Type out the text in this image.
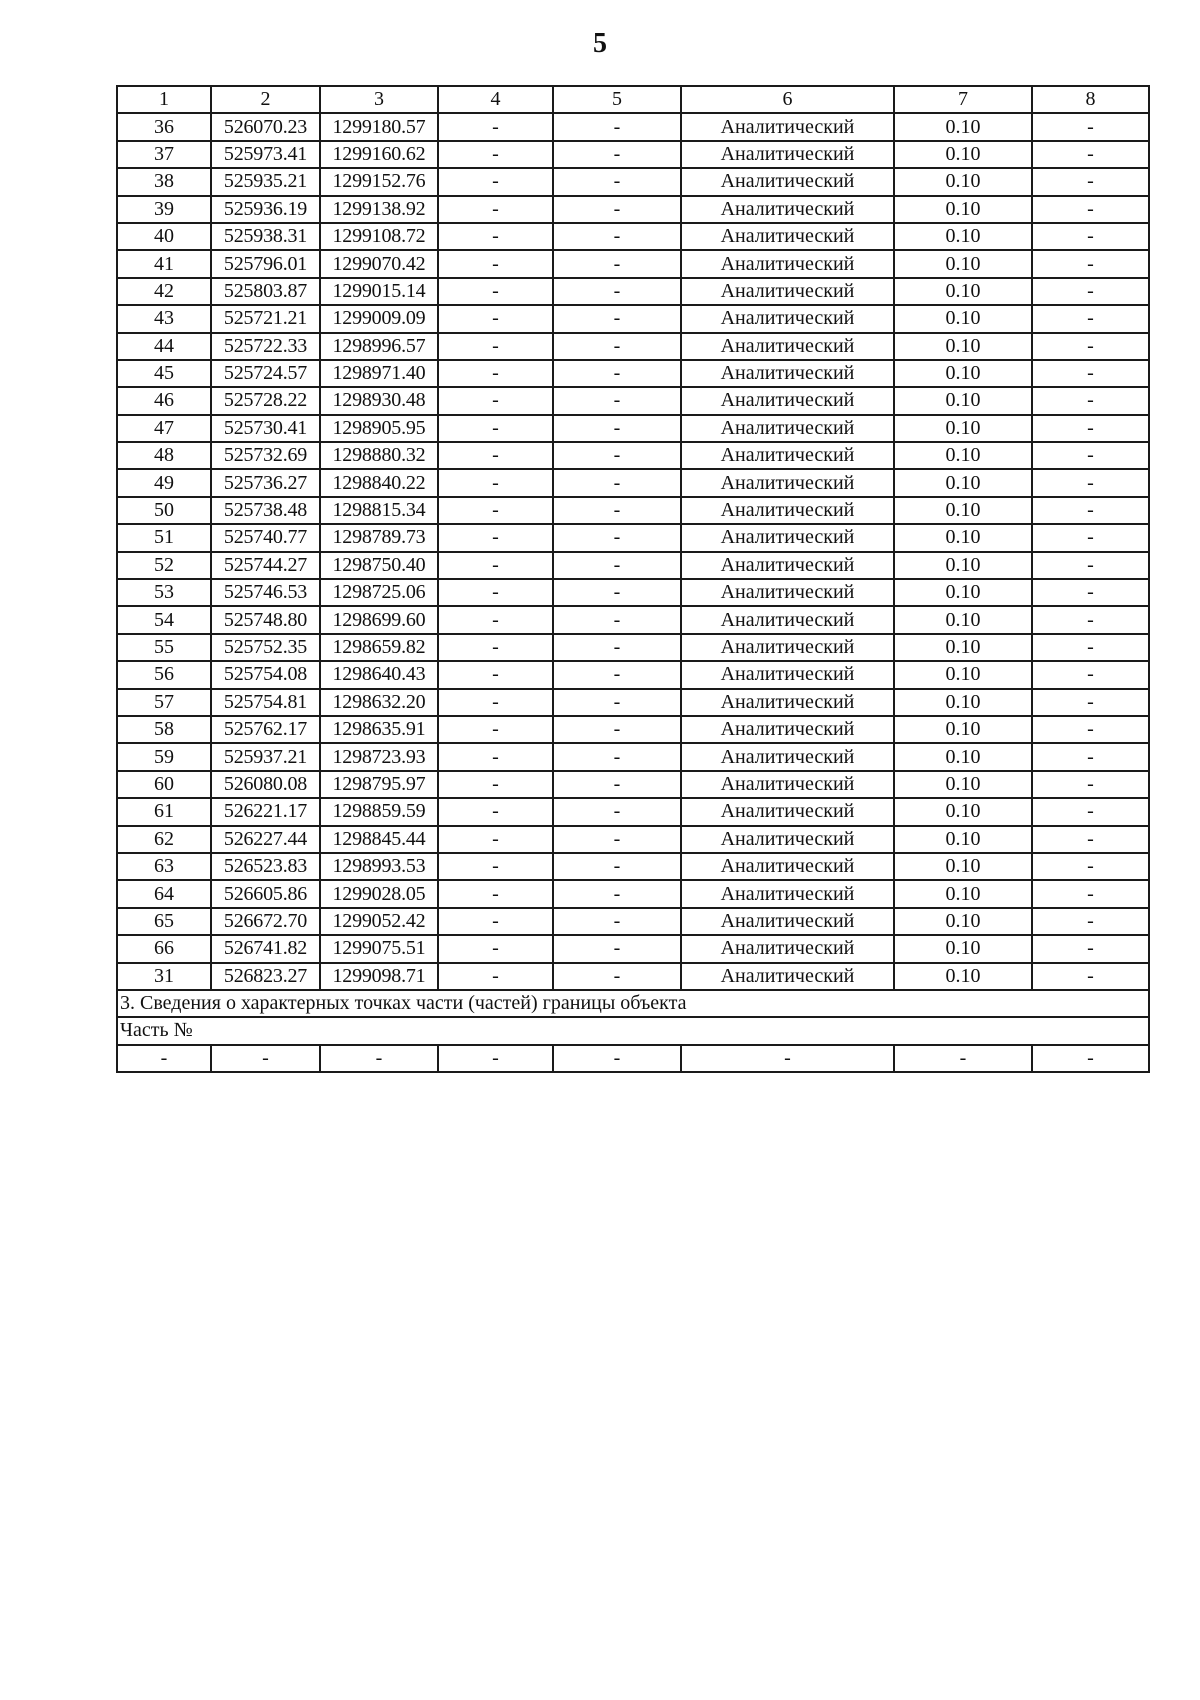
5
1	2	3	4	5	6	7	8
36	526070.23	1299180.57	-	-	Аналитический	0.10	-
37	525973.41	1299160.62	-	-	Аналитический	0.10	-
38	525935.21	1299152.76	-	-	Аналитический	0.10	-
39	525936.19	1299138.92	-	-	Аналитический	0.10	-
40	525938.31	1299108.72	-	-	Аналитический	0.10	-
41	525796.01	1299070.42	-	-	Аналитический	0.10	-
42	525803.87	1299015.14	-	-	Аналитический	0.10	-
43	525721.21	1299009.09	-	-	Аналитический	0.10	-
44	525722.33	1298996.57	-	-	Аналитический	0.10	-
45	525724.57	1298971.40	-	-	Аналитический	0.10	-
46	525728.22	1298930.48	-	-	Аналитический	0.10	-
47	525730.41	1298905.95	-	-	Аналитический	0.10	-
48	525732.69	1298880.32	-	-	Аналитический	0.10	-
49	525736.27	1298840.22	-	-	Аналитический	0.10	-
50	525738.48	1298815.34	-	-	Аналитический	0.10	-
51	525740.77	1298789.73	-	-	Аналитический	0.10	-
52	525744.27	1298750.40	-	-	Аналитический	0.10	-
53	525746.53	1298725.06	-	-	Аналитический	0.10	-
54	525748.80	1298699.60	-	-	Аналитический	0.10	-
55	525752.35	1298659.82	-	-	Аналитический	0.10	-
56	525754.08	1298640.43	-	-	Аналитический	0.10	-
57	525754.81	1298632.20	-	-	Аналитический	0.10	-
58	525762.17	1298635.91	-	-	Аналитический	0.10	-
59	525937.21	1298723.93	-	-	Аналитический	0.10	-
60	526080.08	1298795.97	-	-	Аналитический	0.10	-
61	526221.17	1298859.59	-	-	Аналитический	0.10	-
62	526227.44	1298845.44	-	-	Аналитический	0.10	-
63	526523.83	1298993.53	-	-	Аналитический	0.10	-
64	526605.86	1299028.05	-	-	Аналитический	0.10	-
65	526672.70	1299052.42	-	-	Аналитический	0.10	-
66	526741.82	1299075.51	-	-	Аналитический	0.10	-
31	526823.27	1299098.71	-	-	Аналитический	0.10	-
3. Сведения о характерных точках части (частей) границы объекта							
Часть №							
-	-	-	-	-	-	-	-
